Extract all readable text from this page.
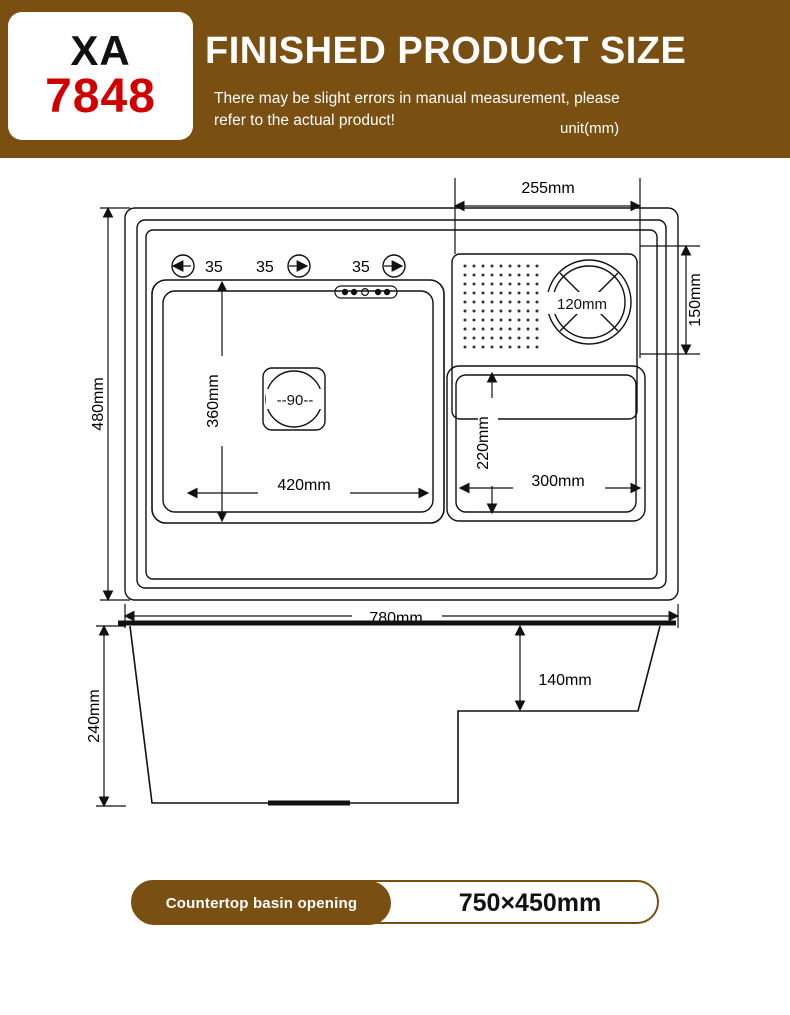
XA
7848
FINISHED PRODUCT SIZE
There may be slight errors in manual measurement, please refer to the actual product!	unit(mm)
120mm
--90--
35 35	35
480mm
780mm
360mm
420mm
220mm
300mm
255mm
150mm
240mm
140mm
Countertop basin opening	750×450mm
